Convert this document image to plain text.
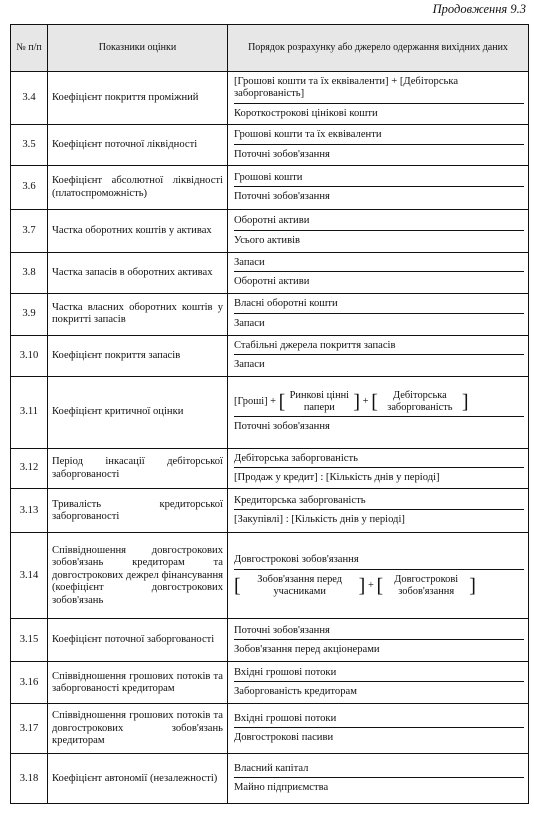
Продовження 9.3
№ п/п	Показники оцінки	Порядок розрахунку або джерело одержання вихідних даних
3.4	Коефіцієнт покриття проміжний	[Грошові кошти та їх еквіваленти] + [Дебіторська заборгованість]
Короткострокові цінікові кошти

3.5	Коефіцієнт поточної ліквідності	Грошові кошти та їх еквіваленти
Поточні зобов'язання

3.6	Коефіцієнт абсолютної ліквідності (платоспроможність)	Грошові кошти
Поточні зобов'язання

3.7	Частка оборотних коштів у активах	Оборотні активи
Усього активів

3.8	Частка запасів в оборотних активах	Запаси
Оборотні активи

3.9	Частка власних оборотних коштів у покритті запасів	Власні оборотні кошти
Запаси

3.10	Коефіцієнт покриття запасів	Стабільні джерела покриття запасів
Запаси

3.11	Коефіцієнт критичної оцінки	[Гроші] + [ Ринкові цінні папери ] + [ Дебіторська заборгованість ]
Поточні зобов'язання

3.12	Період інкасації дебіторської заборгованості	Дебіторська заборгованість
[Продаж у кредит] : [Кількість днів у періоді]

3.13	Тривалість кредиторської заборгованості	Кредиторська заборгованість
[Закупівлі] : [Кількість днів у періоді]

3.14	Співвідношення довгострокових зобов'язань кредиторам та довгострокових дежрел фінансування (коефіцієнт довгострокових зобов'язань	Довгострокові зобов'язання
[ Зобов'язання перед учасниками ] + [ Довгострокові зобов'язання ]

3.15	Коефіцієнт поточної заборгованості	Поточні зобов'язання
Зобов'язання перед акціонерами

3.16	Співвідношення грошових потоків та заборгованості кредиторам	Вхідні грошові потоки
Заборгованість кредиторам

3.17	Співвідношення грошових потоків та довгострокових зобов'язань кредиторам	Вхідні грошові потоки
Довгострокові пасиви

3.18	Коефіцієнт автономії (незалежності)	Власний капітал
Майно підприємства
